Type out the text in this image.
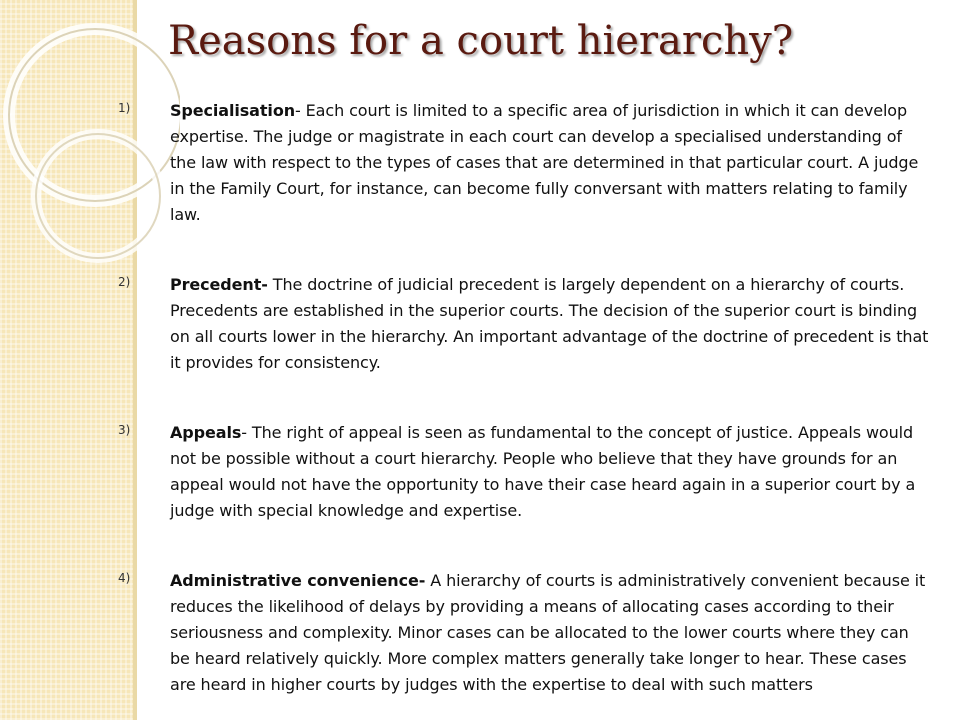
Reasons for a court hierarchy?
1)	Specialisation- Each court is limited to a specific area of jurisdiction in which it can develop expertise. The judge or magistrate in each court can develop a specialised understanding of the law with respect to the types of cases that are determined in that particular court. A judge in the Family Court, for instance, can become fully conversant with matters relating to family law.

2)	Precedent- The doctrine of judicial precedent is largely dependent on a hierarchy of courts. Precedents are established in the superior courts. The decision of the superior court is binding on all courts lower in the hierarchy. An important advantage of the doctrine of precedent is that it provides for consistency.

3)	Appeals- The right of appeal is seen as fundamental to the concept of justice. Appeals would not be possible without a court hierarchy. People who believe that they have grounds for an appeal would not have the opportunity to have their case heard again in a superior court by a judge with special knowledge and expertise.

4)	Administrative convenience- A hierarchy of courts is administratively convenient because it reduces the likelihood of delays by providing a means of allocating cases according to their seriousness and complexity. Minor cases can be allocated to the lower courts where they can be heard relatively quickly. More complex matters generally take longer to hear. These cases are heard in higher courts by judges with the expertise to deal with such matters
